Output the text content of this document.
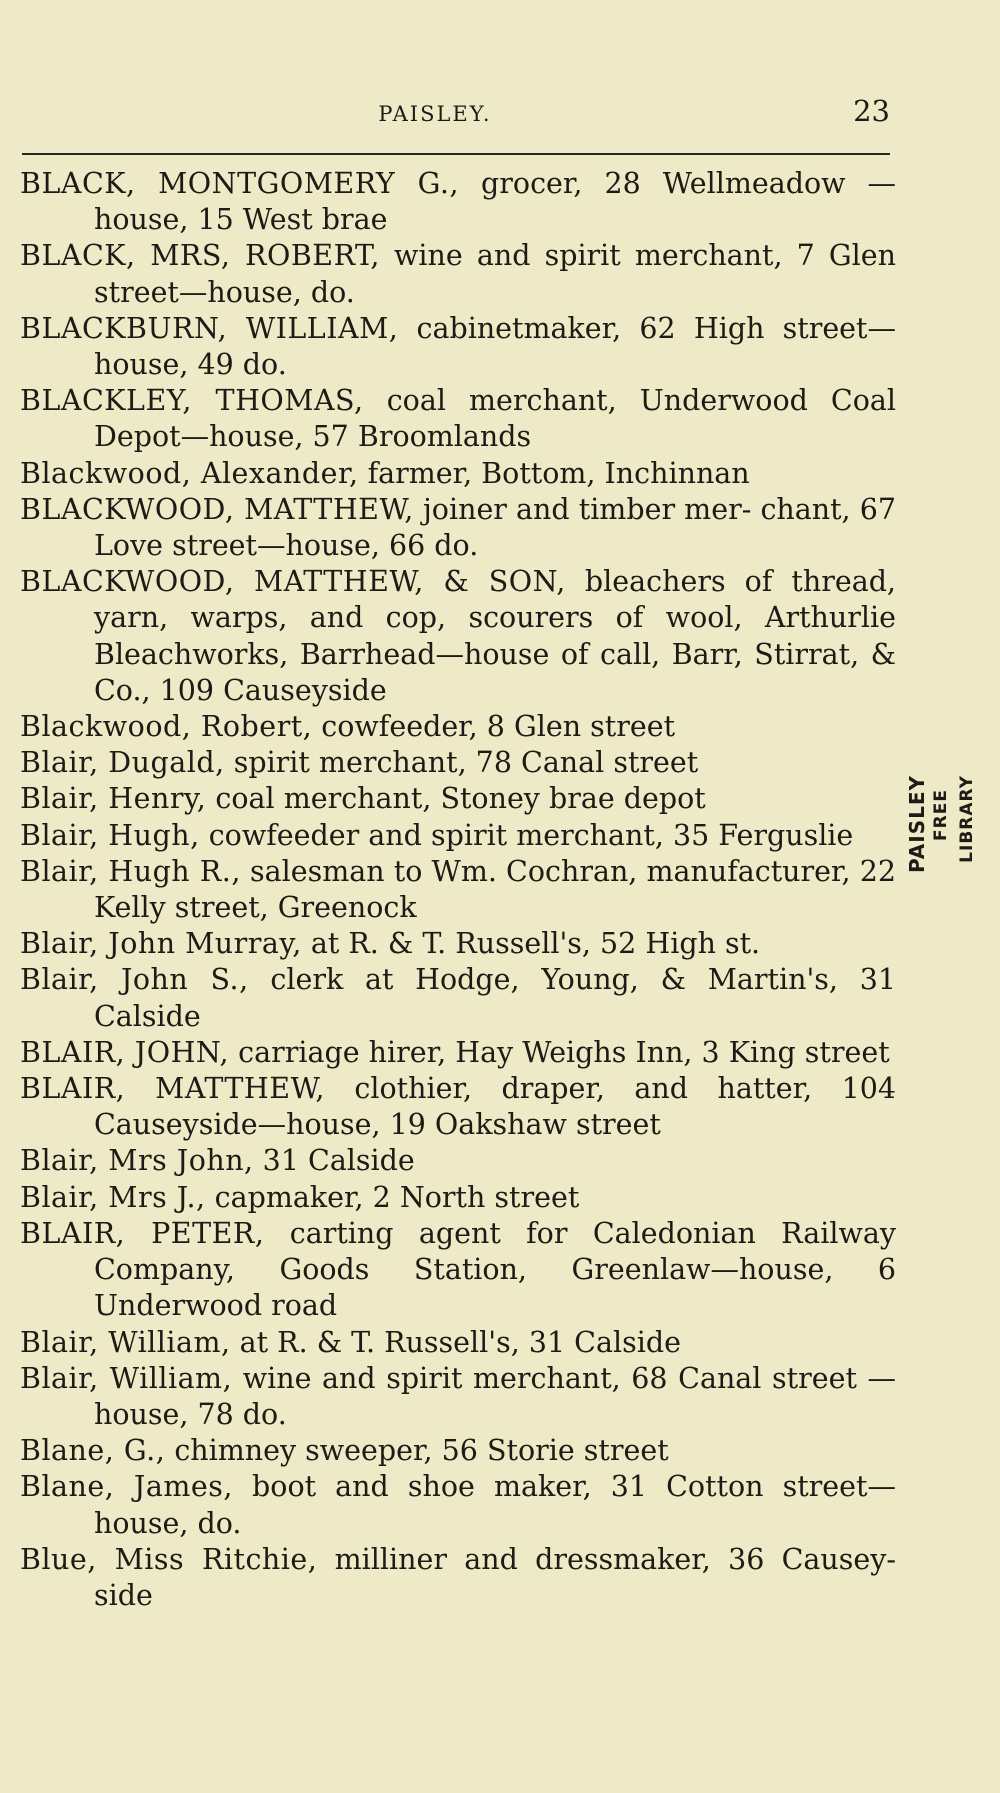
PAISLEY.	23

BLACK, MONTGOMERY G., grocer, 28 Wellmeadow —house, 15 West brae

BLACK, MRS, ROBERT, wine and spirit merchant, 7 Glen street—house, do.

BLACKBURN, WILLIAM, cabinetmaker, 62 High street—house, 49 do.

BLACKLEY, THOMAS, coal merchant, Underwood Coal Depot—house, 57 Broomlands

Blackwood, Alexander, farmer, Bottom, Inchinnan

BLACKWOOD, MATTHEW, joiner and timber mer- chant, 67 Love street—house, 66 do.

BLACKWOOD, MATTHEW, & SON, bleachers of thread, yarn, warps, and cop, scourers of wool, Arthurlie Bleachworks, Barrhead—house of call, Barr, Stirrat, & Co., 109 Causeyside

Blackwood, Robert, cowfeeder, 8 Glen street

Blair, Dugald, spirit merchant, 78 Canal street

Blair, Henry, coal merchant, Stoney brae depot

Blair, Hugh, cowfeeder and spirit merchant, 35 Ferguslie

Blair, Hugh R., salesman to Wm. Cochran, manufacturer, 22 Kelly street, Greenock

Blair, John Murray, at R. & T. Russell's, 52 High st.

Blair, John S., clerk at Hodge, Young, & Martin's, 31 Calside

BLAIR, JOHN, carriage hirer, Hay Weighs Inn, 3 King street

BLAIR, MATTHEW, clothier, draper, and hatter, 104 Causeyside—house, 19 Oakshaw street

Blair, Mrs John, 31 Calside

Blair, Mrs J., capmaker, 2 North street

BLAIR, PETER, carting agent for Caledonian Railway Company, Goods Station, Greenlaw—house, 6 Underwood road

Blair, William, at R. & T. Russell's, 31 Calside

Blair, William, wine and spirit merchant, 68 Canal street —house, 78 do.

Blane, G., chimney sweeper, 56 Storie street

Blane, James, boot and shoe maker, 31 Cotton street— house, do.

Blue, Miss Ritchie, milliner and dressmaker, 36 Causey- side

PAISLEY FREE LIBRARY
